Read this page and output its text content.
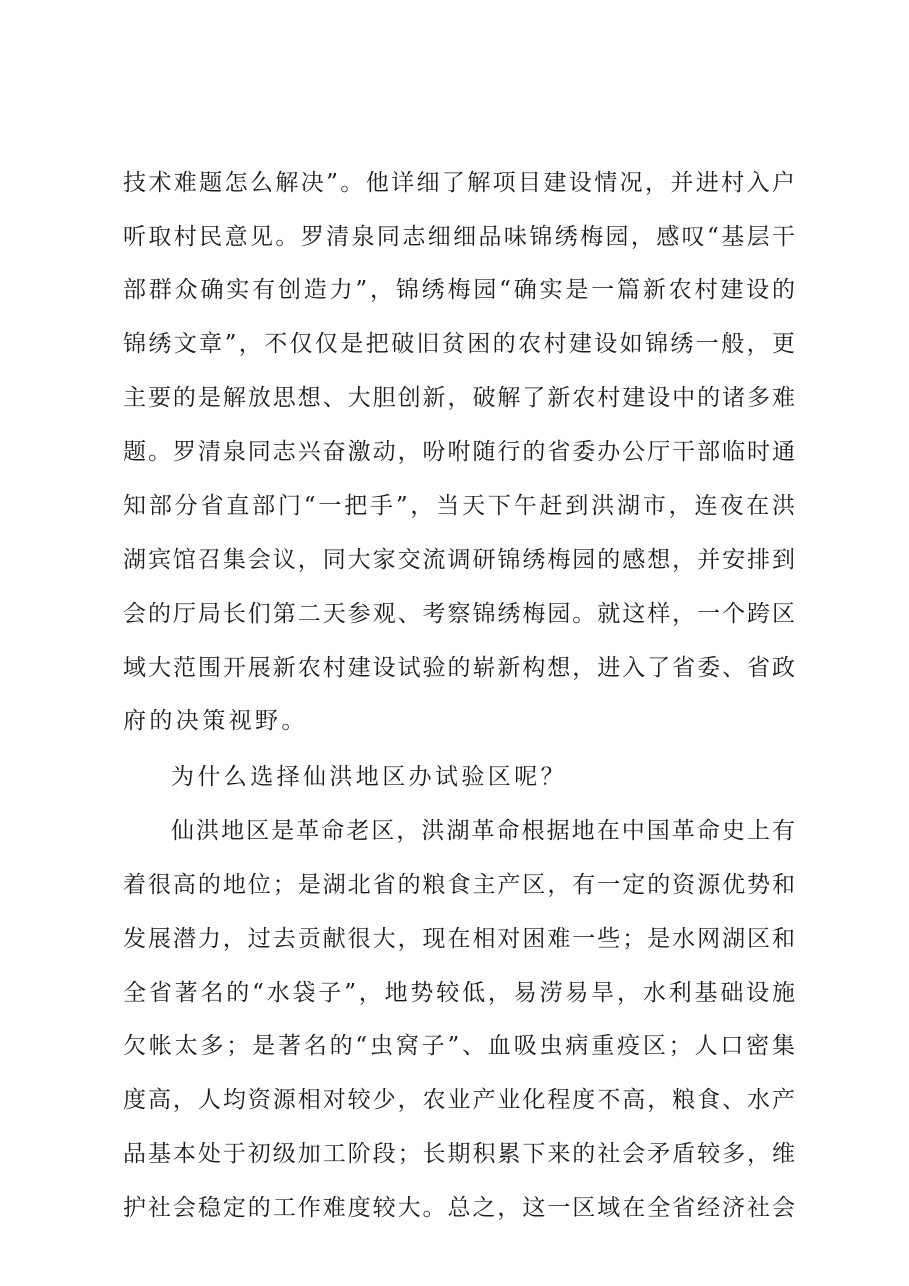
技术难题怎么解决”。他详细了解项目建设情况，并进村入户
听取村民意见。罗清泉同志细细品味锦绣梅园，感叹“基层干
部群众确实有创造力”，锦绣梅园“确实是一篇新农村建设的
锦绣文章”，不仅仅是把破旧贫困的农村建设如锦绣一般，更
主要的是解放思想、大胆创新，破解了新农村建设中的诸多难
题。罗清泉同志兴奋激动，吩咐随行的省委办公厅干部临时通
知部分省直部门“一把手”，当天下午赶到洪湖市，连夜在洪
湖宾馆召集会议，同大家交流调研锦绣梅园的感想，并安排到
会的厅局长们第二天参观、考察锦绣梅园。就这样，一个跨区
域大范围开展新农村建设试验的崭新构想，进入了省委、省政
府的决策视野。
为什么选择仙洪地区办试验区呢？
仙洪地区是革命老区，洪湖革命根据地在中国革命史上有
着很高的地位；是湖北省的粮食主产区，有一定的资源优势和
发展潜力，过去贡献很大，现在相对困难一些；是水网湖区和
全省著名的“水袋子”，地势较低，易涝易旱，水利基础设施
欠帐太多；是著名的“虫窝子”、血吸虫病重疫区；人口密集
度高，人均资源相对较少，农业产业化程度不高，粮食、水产
品基本处于初级加工阶段；长期积累下来的社会矛盾较多，维
护社会稳定的工作难度较大。总之，这一区域在全省经济社会
